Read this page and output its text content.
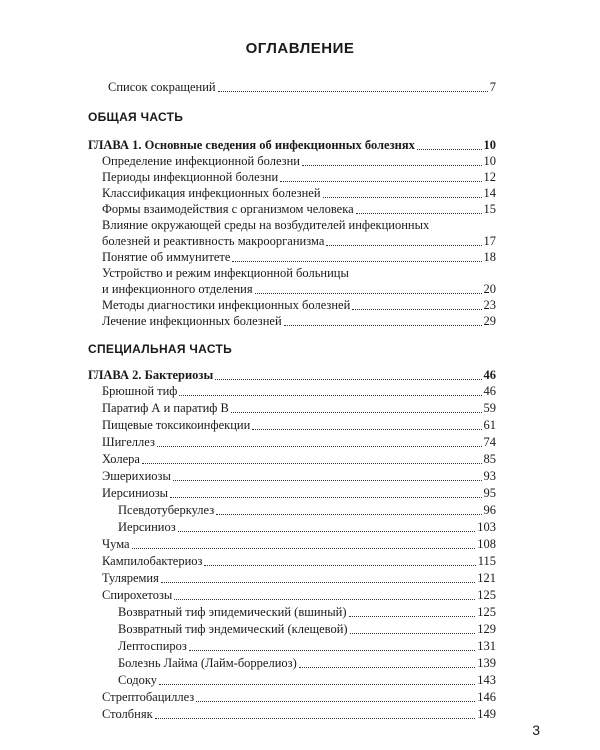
ОГЛАВЛЕНИЕ
Список сокращений	7
ОБЩАЯ ЧАСТЬ
ГЛАВА 1. Основные сведения об инфекционных болезнях	10
Определение инфекционной болезни	10
Периоды инфекционной болезни	12
Классификация инфекционных болезней	14
Формы взаимодействия с организмом человека	15
Влияние окружающей среды на возбудителей инфекционных
болезней и реактивность макроорганизма	17
Понятие об иммунитете	18
Устройство и режим инфекционной больницы
и инфекционного отделения	20
Методы диагностики инфекционных болезней	23
Лечение инфекционных болезней	29
СПЕЦИАЛЬНАЯ ЧАСТЬ
ГЛАВА 2. Бактериозы	46
Брюшной тиф	46
Паратиф А и паратиф В	59
Пищевые токсикоинфекции	61
Шигеллез	74
Холера	85
Эшерихиозы	93
Иерсиниозы	95
Псевдотуберкулез	96
Иерсиниоз	103
Чума	108
Кампилобактериоз	115
Туляремия	121
Спирохетозы	125
Возвратный тиф эпидемический (вшиный)	125
Возвратный тиф эндемический (клещевой)	129
Лептоспироз	131
Болезнь Лайма (Лайм-боррелиоз)	139
Содоку	143
Стрептобациллез	146
Столбняк	149
3
